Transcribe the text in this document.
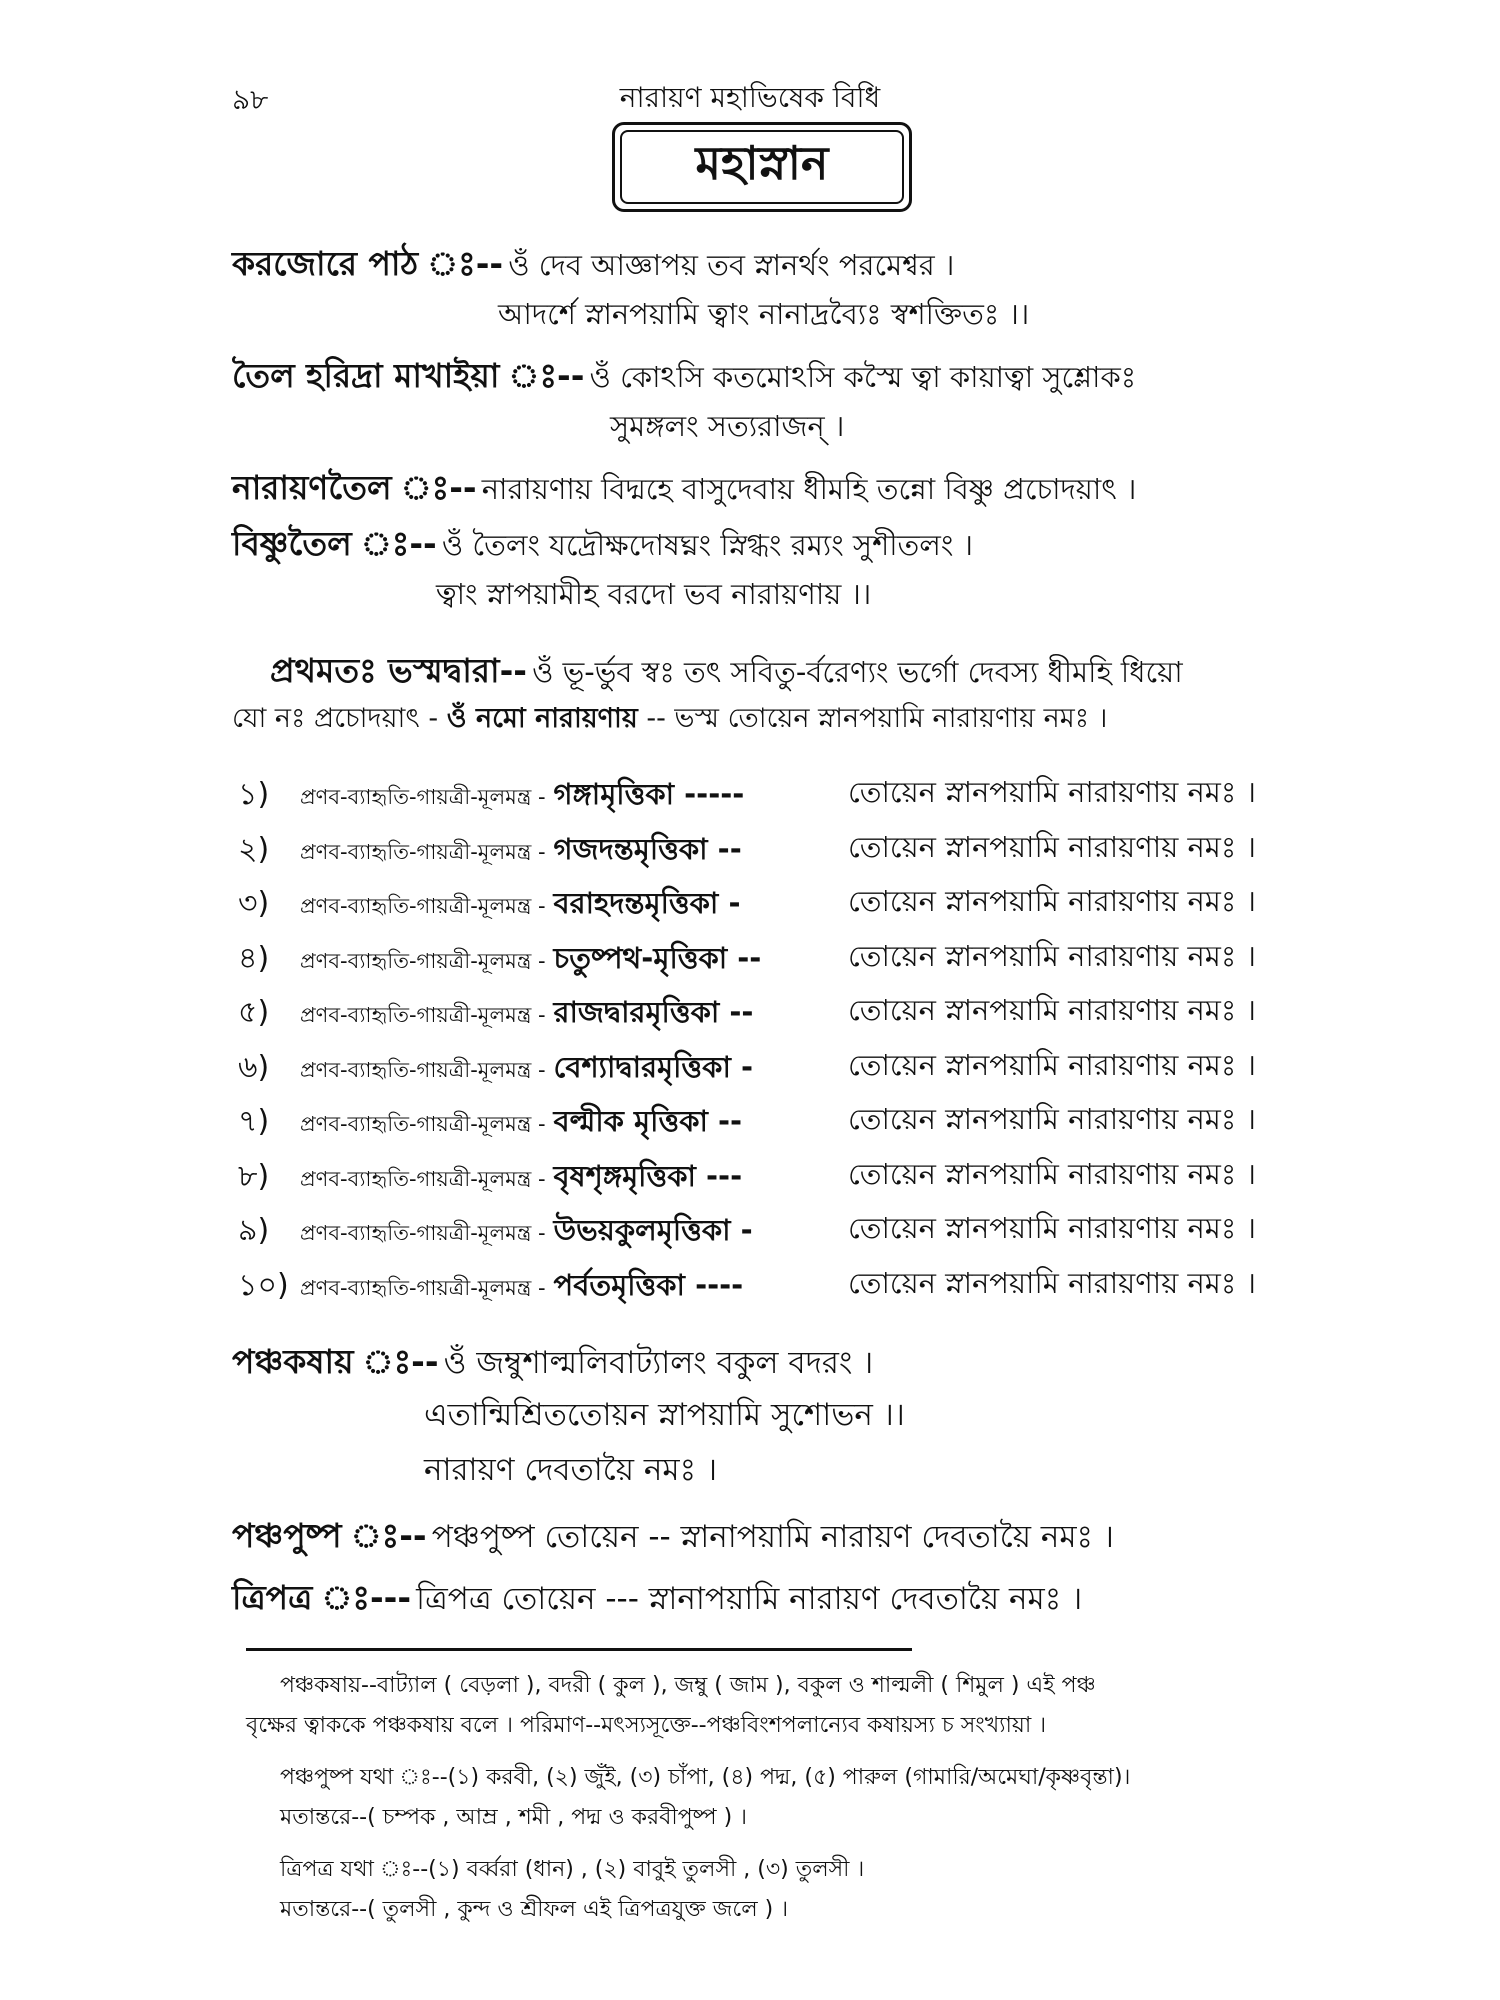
৯৮	নারায়ণ মহাভিষেক বিধি
মহাস্নান
করজোরে পাঠ ঃ-- ওঁ দেব আজ্ঞাপয় তব স্নানর্থং পরমেশ্বর ।
আদর্শে স্নানপয়ামি ত্বাং নানাদ্রব্যৈঃ স্বশক্তিতঃ ।।
তৈল হরিদ্রা মাখাইয়া ঃ-- ওঁ কোঽসি কতমোঽসি কস্মৈ ত্বা কায়াত্বা সুশ্লোকঃ
সুমঙ্গলং সত্যরাজন্ ।
নারায়ণতৈল ঃ-- নারায়ণায় বিদ্মহে বাসুদেবায় ধীমহি তন্নো বিষ্ণু প্রচোদয়াৎ ।
বিষ্ণুতৈল ঃ-- ওঁ তৈলং যদ্রৌক্ষদোষঘ্নং স্নিগ্ধং রম্যং সুশীতলং ।
ত্বাং স্নাপয়ামীহ বরদো ভব নারায়ণায় ।।
প্রথমতঃ ভস্মদ্বারা-- ওঁ ভূ-র্ভুব স্বঃ তৎ সবিতু-র্বরেণ্যং ভর্গো দেবস্য ধীমহি ধিয়ো
যো নঃ প্রচোদয়াৎ - ওঁ নমো নারায়ণায় -- ভস্ম তোয়েন স্নানপয়ামি নারায়ণায় নমঃ ।
১) প্রণব-ব্যাহৃতি-গায়ত্রী-মূলমন্ত্র - গঙ্গামৃত্তিকা -----	তোয়েন স্নানপয়ামি নারায়ণায় নমঃ ।
২) প্রণব-ব্যাহৃতি-গায়ত্রী-মূলমন্ত্র - গজদন্তমৃত্তিকা --	তোয়েন স্নানপয়ামি নারায়ণায় নমঃ ।
৩) প্রণব-ব্যাহৃতি-গায়ত্রী-মূলমন্ত্র - বরাহদন্তমৃত্তিকা -	তোয়েন স্নানপয়ামি নারায়ণায় নমঃ ।
৪) প্রণব-ব্যাহৃতি-গায়ত্রী-মূলমন্ত্র - চতুষ্পথ-মৃত্তিকা --	তোয়েন স্নানপয়ামি নারায়ণায় নমঃ ।
৫) প্রণব-ব্যাহৃতি-গায়ত্রী-মূলমন্ত্র - রাজদ্বারমৃত্তিকা --	তোয়েন স্নানপয়ামি নারায়ণায় নমঃ ।
৬) প্রণব-ব্যাহৃতি-গায়ত্রী-মূলমন্ত্র - বেশ্যাদ্বারমৃত্তিকা -	তোয়েন স্নানপয়ামি নারায়ণায় নমঃ ।
৭) প্রণব-ব্যাহৃতি-গায়ত্রী-মূলমন্ত্র - বল্মীক মৃত্তিকা --	তোয়েন স্নানপয়ামি নারায়ণায় নমঃ ।
৮) প্রণব-ব্যাহৃতি-গায়ত্রী-মূলমন্ত্র - বৃষশৃঙ্গমৃত্তিকা ---	তোয়েন স্নানপয়ামি নারায়ণায় নমঃ ।
৯) প্রণব-ব্যাহৃতি-গায়ত্রী-মূলমন্ত্র - উভয়কুলমৃত্তিকা -	তোয়েন স্নানপয়ামি নারায়ণায় নমঃ ।
১০) প্রণব-ব্যাহৃতি-গায়ত্রী-মূলমন্ত্র - পর্বতমৃত্তিকা ----	তোয়েন স্নানপয়ামি নারায়ণায় নমঃ ।
পঞ্চকষায় ঃ-- ওঁ জম্বুশাল্মলিবাট্যালং বকুল বদরং ।
এতান্মিশ্রিততোয়ন স্নাপয়ামি সুশোভন ।।
নারায়ণ দেবতায়ৈ নমঃ ।
পঞ্চপুষ্প ঃ-- পঞ্চপুষ্প তোয়েন -- স্নানাপয়ামি নারায়ণ দেবতায়ৈ নমঃ ।
ত্রিপত্র ঃ--- ত্রিপত্র তোয়েন --- স্নানাপয়ামি নারায়ণ দেবতায়ৈ নমঃ ।
পঞ্চকষায়--বাট্যাল ( বেড়লা ), বদরী ( কুল ), জম্বু ( জাম ), বকুল ও শাল্মলী ( শিমুল ) এই পঞ্চ
বৃক্ষের ত্বাককে পঞ্চকষায় বলে । পরিমাণ--মৎস্যসূক্তে--পঞ্চবিংশপলান্যেব কষায়স্য চ সংখ্যায়া ।
পঞ্চপুষ্প যথা ঃ--(১) করবী, (২) জুঁই, (৩) চাঁপা, (৪) পদ্ম, (৫) পারুল (গামারি/অমেঘা/কৃষ্ণবৃন্তা)।
মতান্তরে--( চম্পক , আম্র , শমী , পদ্ম ও করবীপুষ্প ) ।
ত্রিপত্র যথা ঃ--(১) বর্ব্বরা (ধান) , (২) বাবুই তুলসী , (৩) তুলসী ।
মতান্তরে--( তুলসী , কুন্দ ও শ্রীফল এই ত্রিপত্রযুক্ত জলে ) ।
